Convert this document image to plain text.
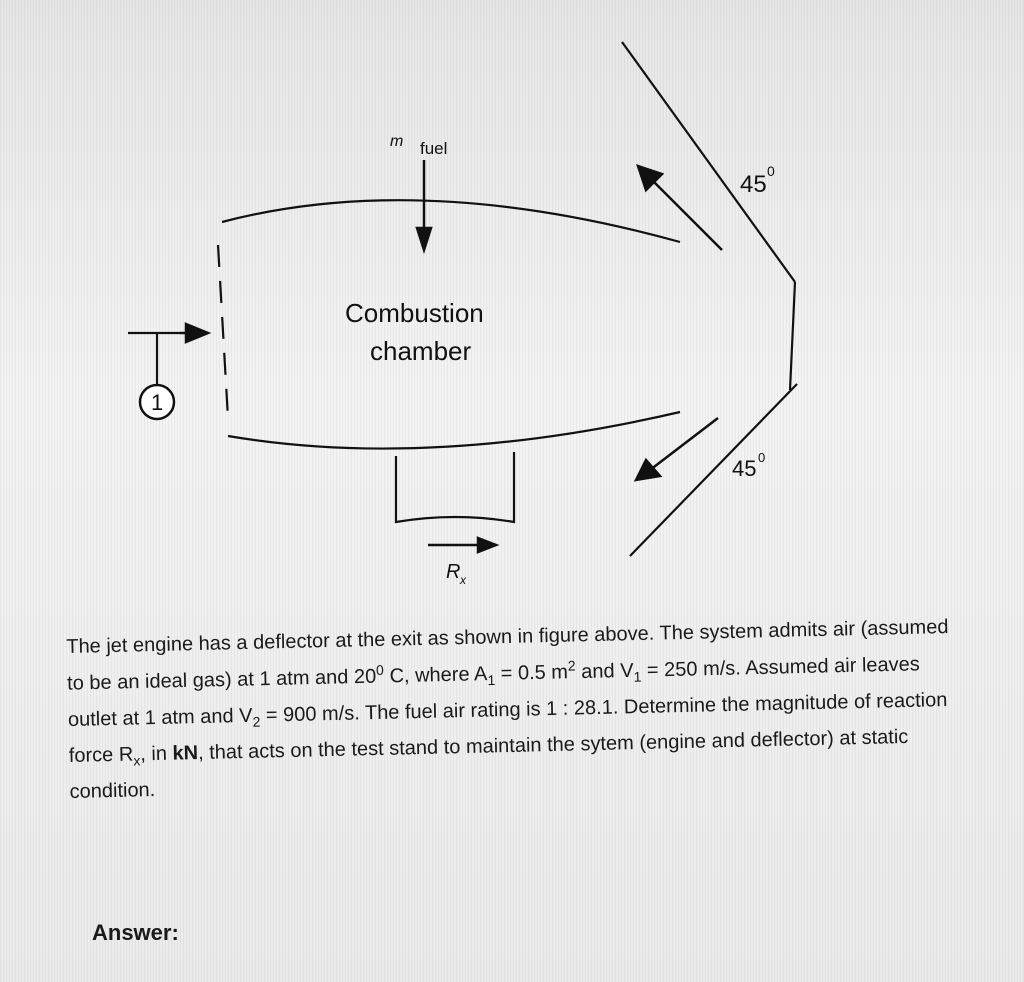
1
m fuel
Combustion
chamber
45 0
45 0
R x
The jet engine has a deflector at the exit as shown in figure above. The system admits air (assumed to be an ideal gas) at 1 atm and $20^0$ C, where $A_1 = 0.5$ $m^2$ and $V_1 = 250$ m/s. Assumed air leaves outlet at 1 atm and $V_2 = 900$ m/s. The fuel air rating is 1 : 28.1. Determine the magnitude of reaction force $R_x$, in kN, that acts on the test stand to maintain the sytem (engine and deflector) at static condition.
Answer:
